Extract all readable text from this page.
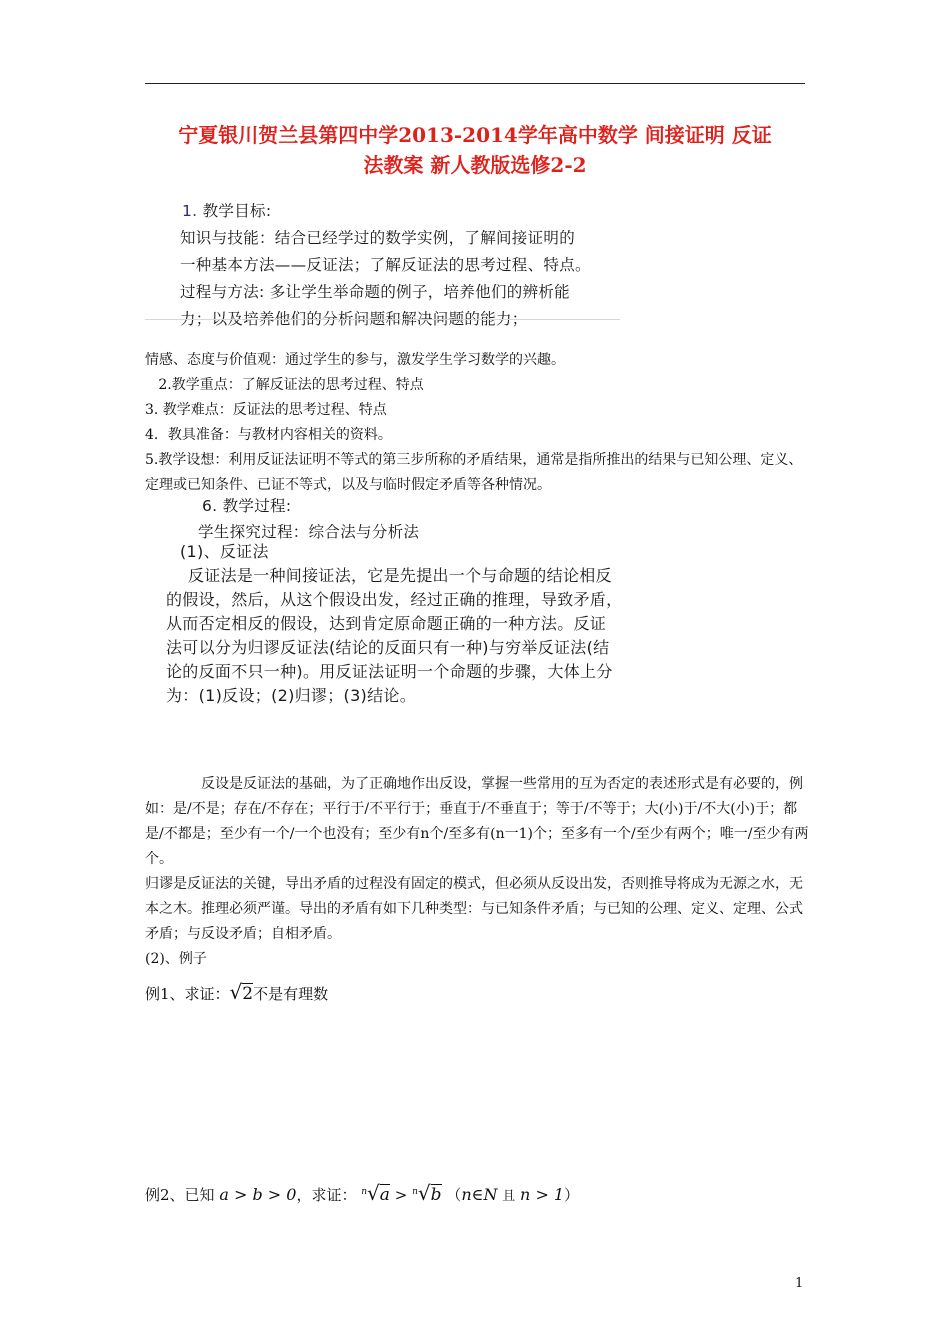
宁夏银川贺兰县第四中学2013-2014学年高中数学 间接证明 反证
法教案 新人教版选修2-2
1. 教学目标:
知识与技能：结合已经学过的数学实例，了解间接证明的
一种基本方法——反证法；了解反证法的思考过程、特点。
过程与方法: 多让学生举命题的例子，培养他们的辨析能
力；以及培养他们的分析问题和解决问题的能力；

情感、态度与价值观：通过学生的参与，激发学生学习数学的兴趣。

2.教学重点：了解反证法的思考过程、特点

3. 教学难点：反证法的思考过程、特点

4．教具准备：与教材内容相关的资料。

5.教学设想：利用反证法证明不等式的第三步所称的矛盾结果，通常是指所推出的结果与已知公理、定义、定理或已知条件、已证不等式，以及与临时假定矛盾等各种情况。

6. 教学过程:
学生探究过程：综合法与分析法
(1)、反证法
反证法是一种间接证法，它是先提出一个与命题的结论相反
的假设，然后，从这个假设出发，经过正确的推理，导致矛盾，
从而否定相反的假设，达到肯定原命题正确的一种方法。反证
法可以分为归谬反证法(结论的反面只有一种)与穷举反证法(结
论的反面不只一种)。用反证法证明一个命题的步骤，大体上分
为：(1)反设；(2)归谬；(3)结论。

　　　　反设是反证法的基础，为了正确地作出反设，掌握一些常用的互为否定的表述形式是有必要的，例如：是/不是；存在/不存在；平行于/不平行于；垂直于/不垂直于；等于/不等于；大(小)于/不大(小)于；都是/不都是；至少有一个/一个也没有；至少有n个/至多有(n一1)个；至多有一个/至少有两个；唯一/至少有两个。

归谬是反证法的关键，导出矛盾的过程没有固定的模式，但必须从反设出发，否则推导将成为无源之水，无本之木。推理必须严谨。导出的矛盾有如下几种类型：与已知条件矛盾；与已知的公理、定义、定理、公式矛盾；与反设矛盾；自相矛盾。

(2)、例子

例1、求证：√2不是有理数
例2、已知 a > b > 0，求证： $^n$√a > $^n$√b （n∈N 且 n > 1）
1
